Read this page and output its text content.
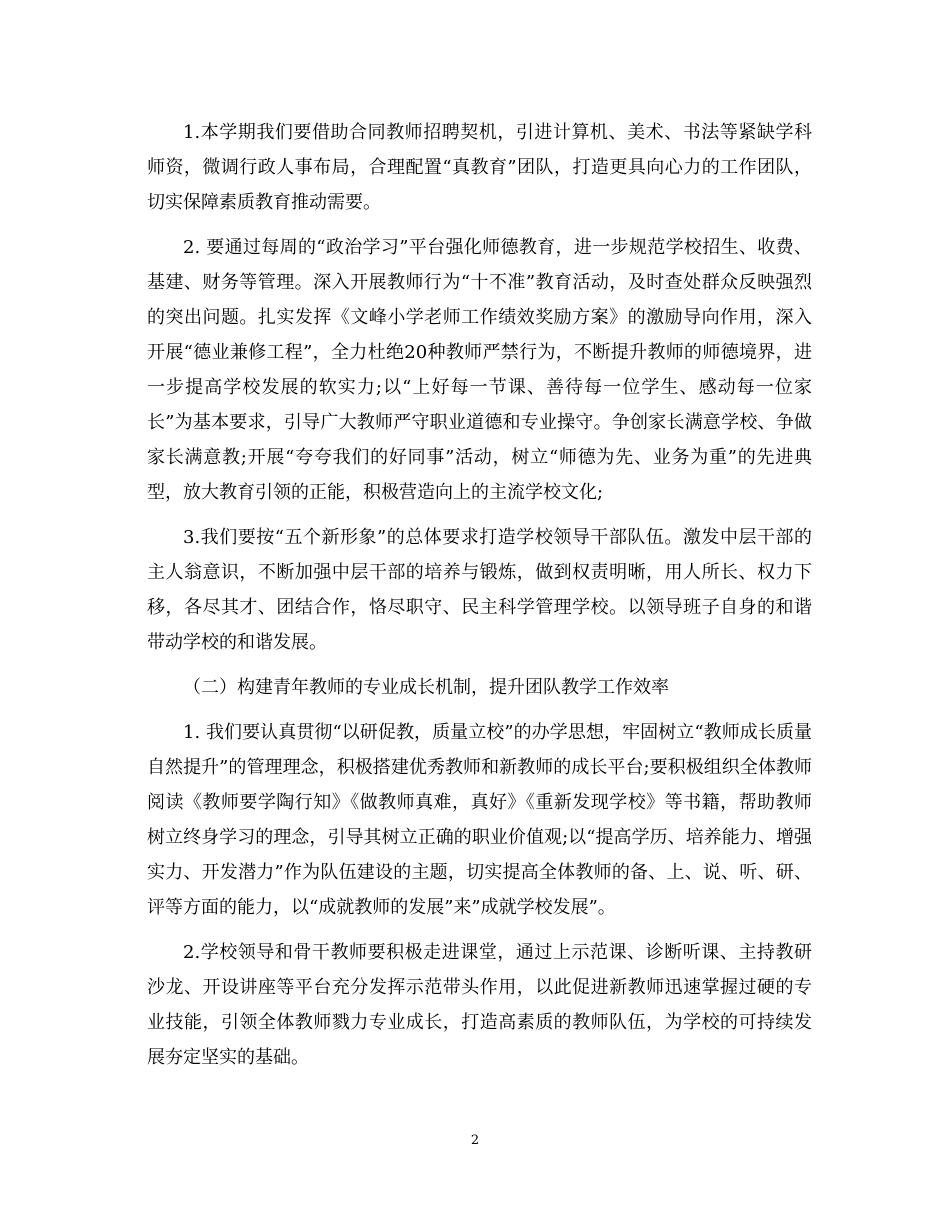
1.本学期我们要借助合同教师招聘契机，引进计算机、美术、书法等紧缺学科师资，微调行政人事布局，合理配置“真教育”团队，打造更具向心力的工作团队，切实保障素质教育推动需要。

2. 要通过每周的“政治学习”平台强化师德教育，进一步规范学校招生、收费、基建、财务等管理。深入开展教师行为“十不准”教育活动，及时查处群众反映强烈的突出问题。扎实发挥《文峰小学老师工作绩效奖励方案》的激励导向作用，深入开展“德业兼修工程”，全力杜绝20种教师严禁行为，不断提升教师的师德境界，进一步提高学校发展的软实力;以“上好每一节课、善待每一位学生、感动每一位家长”为基本要求，引导广大教师严守职业道德和专业操守。争创家长满意学校、争做家长满意教;开展“夸夸我们的好同事”活动，树立“师德为先、业务为重”的先进典型，放大教育引领的正能，积极营造向上的主流学校文化;

3.我们要按“五个新形象”的总体要求打造学校领导干部队伍。激发中层干部的主人翁意识，不断加强中层干部的培养与锻炼，做到权责明晰，用人所长、权力下移，各尽其才、团结合作，恪尽职守、民主科学管理学校。以领导班子自身的和谐带动学校的和谐发展。

（二）构建青年教师的专业成长机制，提升团队教学工作效率

1. 我们要认真贯彻“以研促教，质量立校”的办学思想，牢固树立“教师成长质量自然提升”的管理理念，积极搭建优秀教师和新教师的成长平台;要积极组织全体教师阅读《教师要学陶行知》《做教师真难，真好》《重新发现学校》等书籍，帮助教师树立终身学习的理念，引导其树立正确的职业价值观;以“提高学历、培养能力、增强实力、开发潜力”作为队伍建设的主题，切实提高全体教师的备、上、说、听、研、评等方面的能力，以“成就教师的发展”来”成就学校发展”。

2.学校领导和骨干教师要积极走进课堂，通过上示范课、诊断听课、主持教研沙龙、开设讲座等平台充分发挥示范带头作用，以此促进新教师迅速掌握过硬的专业技能，引领全体教师戮力专业成长，打造高素质的教师队伍，为学校的可持续发展夯定坚实的基础。

2
